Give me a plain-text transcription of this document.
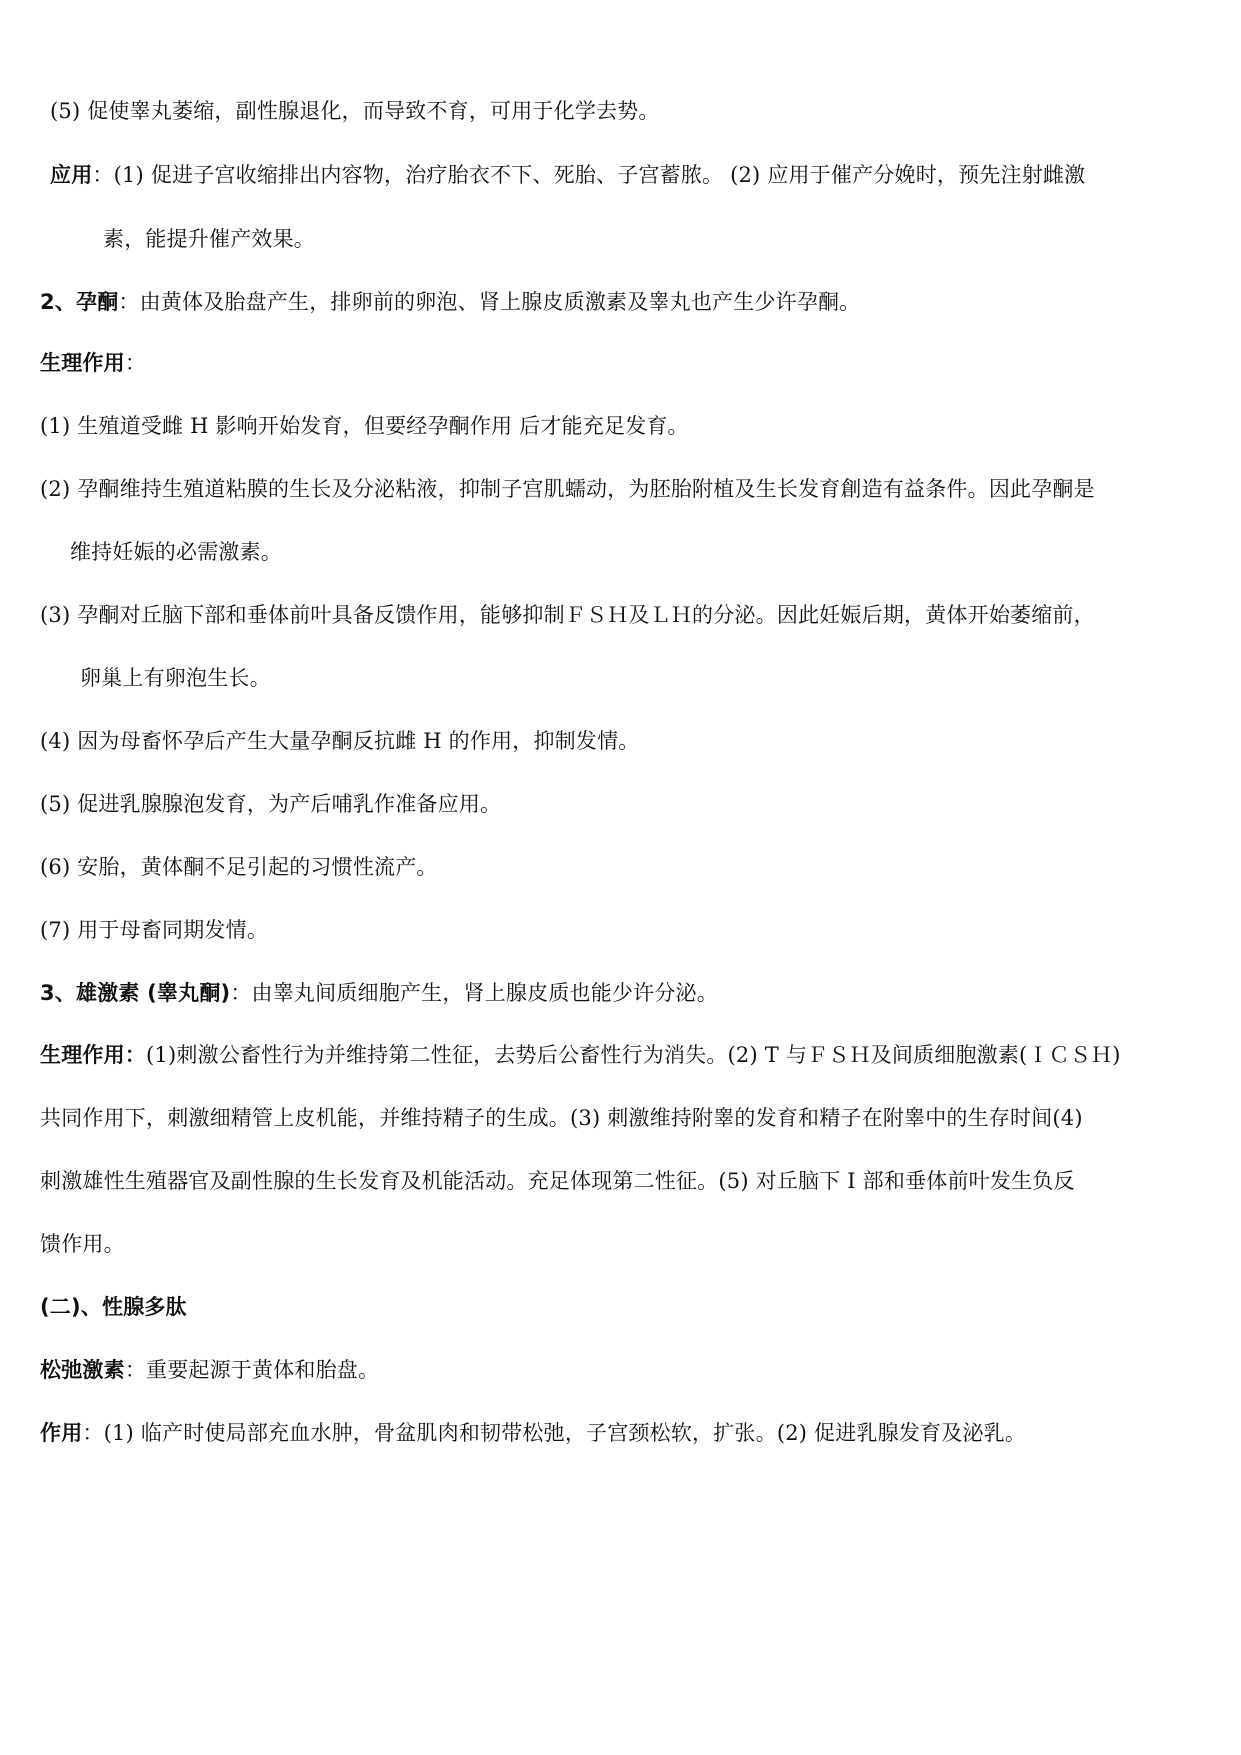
(5) 促使睾丸萎缩，副性腺退化，而导致不育，可用于化学去势。
应用：(1) 促进子宫收缩排出内容物，治疗胎衣不下、死胎、子宫蓄脓。 (2) 应用于催产分娩时，预先注射雌激
素，能提升催产效果。
2、孕酮：由黄体及胎盘产生，排卵前的卵泡、肾上腺皮质激素及睾丸也产生少许孕酮。
生理作用：
(1) 生殖道受雌 H 影响开始发育，但要经孕酮作用 后才能充足发育。
(2) 孕酮维持生殖道粘膜的生长及分泌粘液，抑制子宫肌蠕动，为胚胎附植及生长发育創造有益条件。因此孕酮是
维持妊娠的必需激素。
(3) 孕酮对丘脑下部和垂体前叶具备反馈作用，能够抑制ＦＳＨ及ＬＨ的分泌。因此妊娠后期，黄体开始萎缩前，
卵巢上有卵泡生长。
(4) 因为母畜怀孕后产生大量孕酮反抗雌 H 的作用，抑制发情。
(5) 促进乳腺腺泡发育，为产后哺乳作准备应用。
(6) 安胎，黄体酮不足引起的习惯性流产。
(7) 用于母畜同期发情。
3、雄激素 (睾丸酮)：由睾丸间质细胞产生，肾上腺皮质也能少许分泌。
生理作用：(1)刺激公畜性行为并维持第二性征，去势后公畜性行为消失。(2) T 与ＦＳＨ及间质细胞激素(ＩＣＳＨ)
共同作用下，刺激细精管上皮机能，并维持精子的生成。(3) 刺激维持附睾的发育和精子在附睾中的生存时间(4)
刺激雄性生殖器官及副性腺的生长发育及机能活动。充足体现第二性征。(5) 对丘脑下 I 部和垂体前叶发生负反
馈作用。
(二)、性腺多肽
松弛激素：重要起源于黄体和胎盘。
作用：(1) 临产时使局部充血水肿，骨盆肌肉和韧带松弛，子宫颈松软，扩张。(2) 促进乳腺发育及泌乳。
